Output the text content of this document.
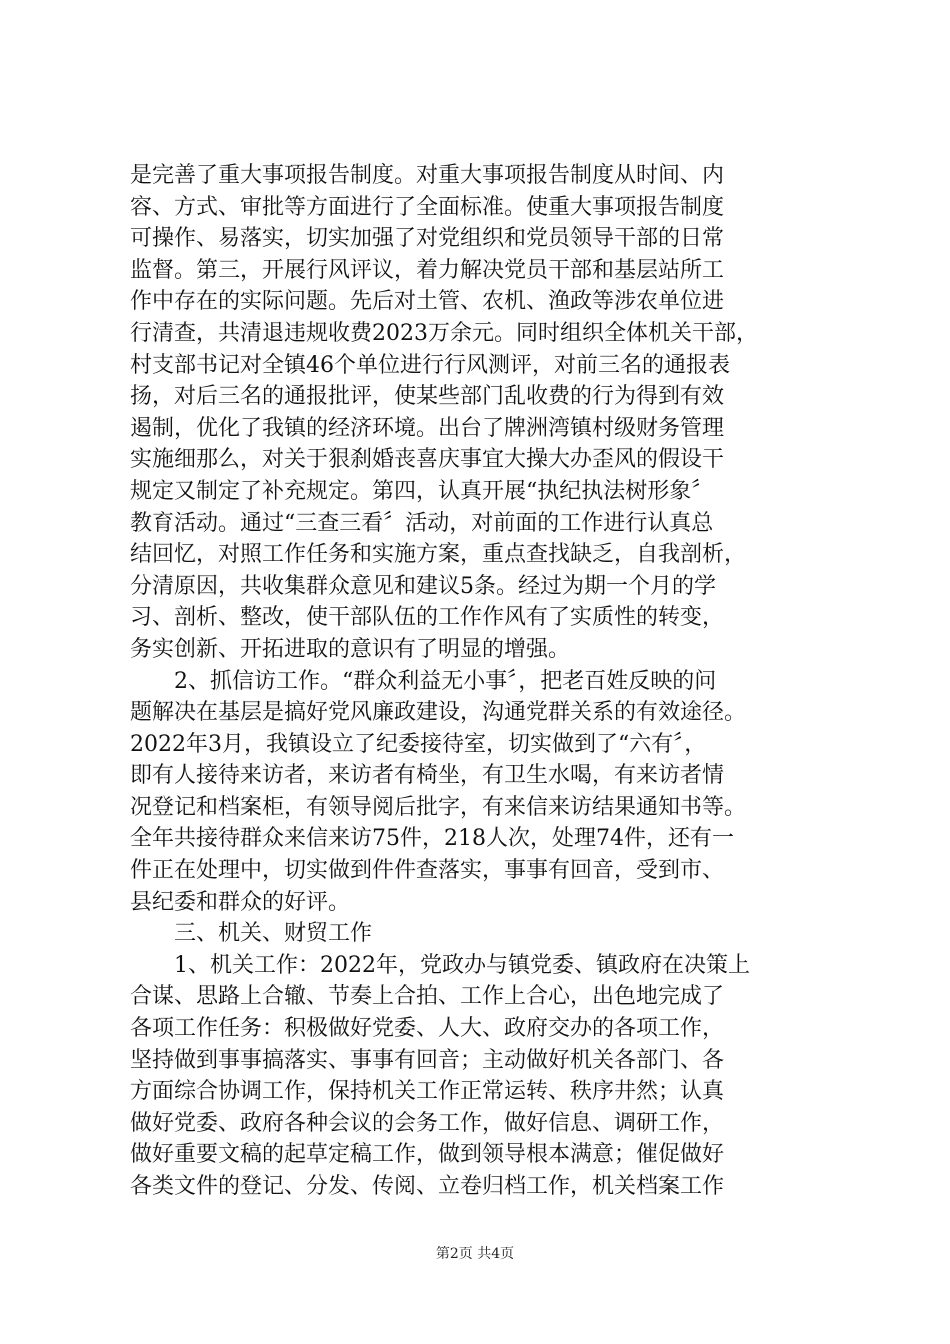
是完善了重大事项报告制度。对重大事项报告制度从时间、内
容、方式、审批等方面进行了全面标准。使重大事项报告制度
可操作、易落实，切实加强了对党组织和党员领导干部的日常
监督。第三，开展行风评议，着力解决党员干部和基层站所工
作中存在的实际问题。先后对土管、农机、渔政等涉农单位进
行清查，共清退违规收费2023万余元。同时组织全体机关干部，
村支部书记对全镇46个单位进行行风测评，对前三名的通报表
扬，对后三名的通报批评，使某些部门乱收费的行为得到有效
遏制，优化了我镇的经济环境。出台了牌洲湾镇村级财务管理
实施细那么，对关于狠刹婚丧喜庆事宜大操大办歪风的假设干
规定又制定了补充规定。第四，认真开展“执纪执法树形象〞
教育活动。通过“三查三看〞活动，对前面的工作进行认真总
结回忆，对照工作任务和实施方案，重点查找缺乏，自我剖析，
分清原因，共收集群众意见和建议5条。经过为期一个月的学
习、剖析、整改，使干部队伍的工作作风有了实质性的转变，
务实创新、开拓进取的意识有了明显的增强。
2、抓信访工作。“群众利益无小事〞，把老百姓反映的问
题解决在基层是搞好党风廉政建设，沟通党群关系的有效途径。
2022年3月，我镇设立了纪委接待室，切实做到了“六有〞，
即有人接待来访者，来访者有椅坐，有卫生水喝，有来访者情
况登记和档案柜，有领导阅后批字，有来信来访结果通知书等。
全年共接待群众来信来访75件，218人次，处理74件，还有一
件正在处理中，切实做到件件查落实，事事有回音，受到市、
县纪委和群众的好评。
三、机关、财贸工作
1、机关工作：2022年，党政办与镇党委、镇政府在决策上
合谋、思路上合辙、节奏上合拍、工作上合心，出色地完成了
各项工作任务：积极做好党委、人大、政府交办的各项工作，
坚持做到事事搞落实、事事有回音；主动做好机关各部门、各
方面综合协调工作，保持机关工作正常运转、秩序井然；认真
做好党委、政府各种会议的会务工作，做好信息、调研工作，
做好重要文稿的起草定稿工作，做到领导根本满意；催促做好
各类文件的登记、分发、传阅、立卷归档工作，机关档案工作
第2页 共4页
